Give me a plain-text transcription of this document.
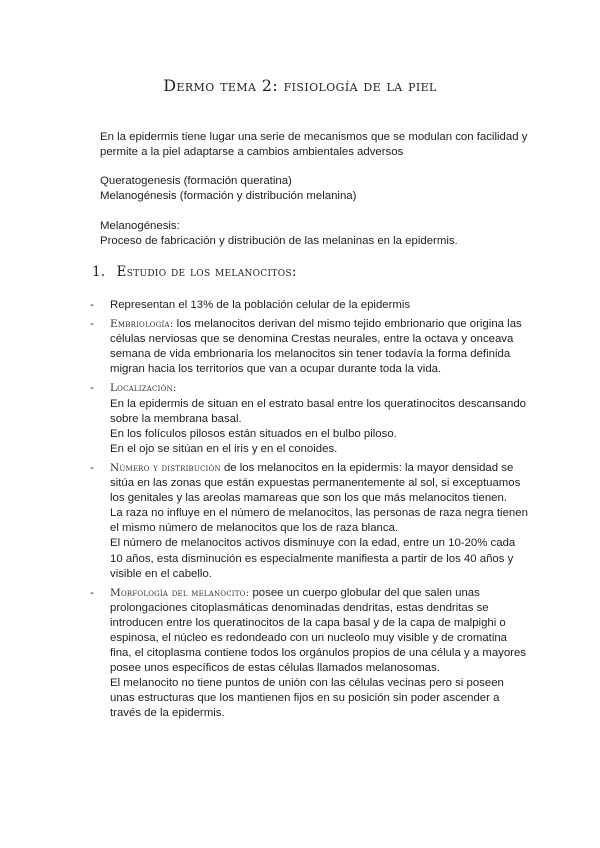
Dermo tema 2: fisiología de la piel
En la epidermis tiene lugar una serie de mecanismos que se modulan con facilidad y permite a la piel adaptarse a cambios ambientales adversos
Queratogenesis (formación queratina)
Melanogénesis (formación y distribución melanina)
Melanogénesis:
Proceso de fabricación y distribución de las melaninas en la epidermis.
1. Estudio de los melanocitos:
-	Representan el 13% de la población celular de la epidermis
-	Embriología: los melanocitos derivan del mismo tejido embrionario que origina las células nerviosas que se denomina Crestas neurales, entre la octava y onceava semana de vida embrionaria los melanocitos sin tener todavía la forma definida migran hacia los territorios que van a ocupar durante toda la vida.
-	Localización:

En la epidermis de situan en el estrato basal entre los queratinocitos descansando sobre la membrana basal.

En los folículos pilosos están situados en el bulbo piloso.

En el ojo se sitúan en el iris y en el conoides.

-	Número y distribución de los melanocitos en la epidermis: la mayor densidad se sitúa en las zonas que están expuestas permanentemente al sol, si exceptuamos los genitales y las areolas mamareas que son los que más melanocitos tienen.

La raza no influye en el número de melanocitos, las personas de raza negra tienen el mismo número de melanocitos que los de raza blanca.

El número de melanocitos activos disminuye con la edad, entre un 10-20% cada 10 años, esta disminución es especialmente manifiesta a partir de los 40 años y visible en el cabello.

-	Morfología del melanocito: posee un cuerpo globular del que salen unas prolongaciones citoplasmáticas denominadas dendritas, estas dendritas se introducen entre los queratinocitos de la capa basal y de la capa de malpighi o espinosa, el núcleo es redondeado con un nucleolo muy visible y de cromatina fina, el citoplasma contiene todos los orgánulos propios de una célula y a mayores posee unos específicos de estas células llamados melanosomas.

El melanocito no tiene puntos de unión con las células vecinas pero si poseen unas estructuras que los mantienen fijos en su posición sin poder ascender a través de la epidermis.
